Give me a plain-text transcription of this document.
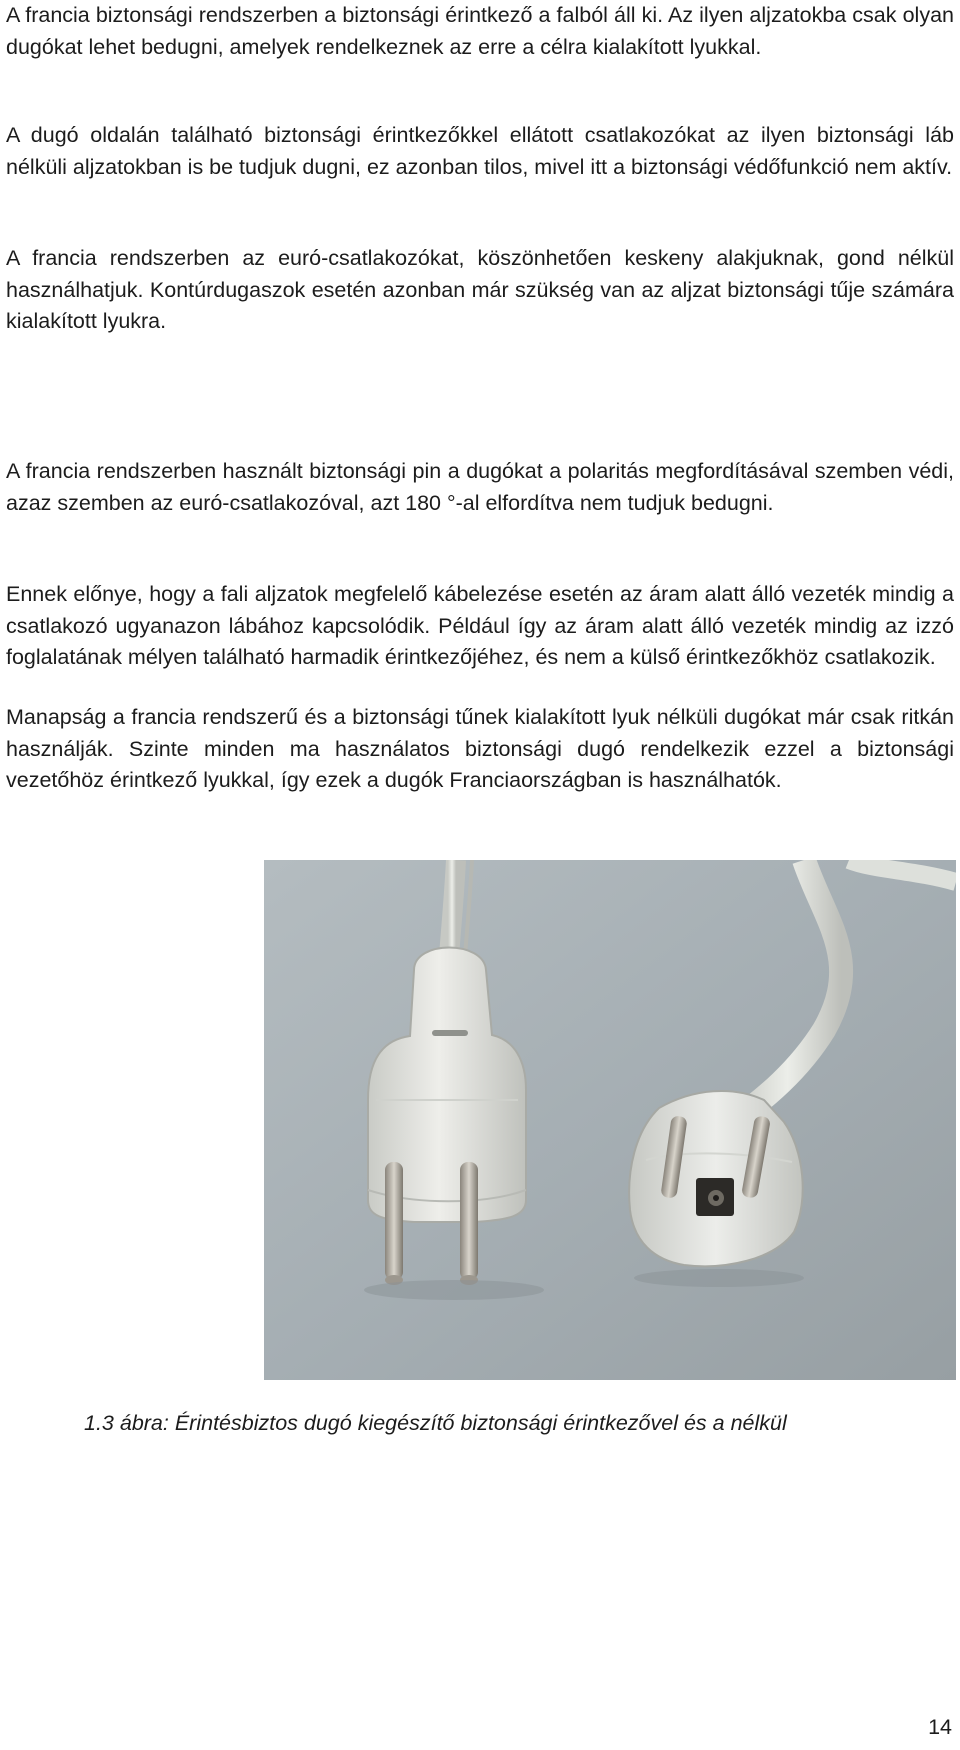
A francia biztonsági rendszerben a biztonsági érintkező a falból áll ki. Az ilyen aljzatokba csak olyan dugókat lehet bedugni, amelyek rendelkeznek az erre a célra kialakított lyukkal.

A dugó oldalán található biztonsági érintkezőkkel ellátott csatlakozókat az ilyen biztonsági láb nélküli aljzatokban is be tudjuk dugni, ez azonban tilos, mivel itt a biztonsági védőfunkció nem aktív.

A francia rendszerben az euró-csatlakozókat, köszönhetően keskeny alakjuknak, gond nélkül használhatjuk. Kontúrdugaszok esetén azonban már szükség van az aljzat biztonsági tűje számára kialakított lyukra.

A francia rendszerben használt biztonsági pin a dugókat a polaritás megfordításával szemben védi, azaz szemben az euró-csatlakozóval, azt 180 °-al elfordítva nem tudjuk bedugni.

Ennek előnye, hogy a fali aljzatok megfelelő kábelezése esetén az áram alatt álló vezeték mindig a csatlakozó ugyanazon lábához kapcsolódik. Például így az áram alatt álló vezeték mindig az izzó foglalatának mélyen található harmadik érintkezőjéhez, és nem a külső érintkezőkhöz csatlakozik.

Manapság a francia rendszerű és a biztonsági tűnek kialakított lyuk nélküli dugókat már csak ritkán használják. Szinte minden ma használatos biztonsági dugó rendelkezik ezzel a biztonsági vezetőhöz érintkező lyukkal, így ezek a dugók Franciaországban is használhatók.

1.3 ábra: Érintésbiztos dugó kiegészítő biztonsági érintkezővel és a nélkül

14
